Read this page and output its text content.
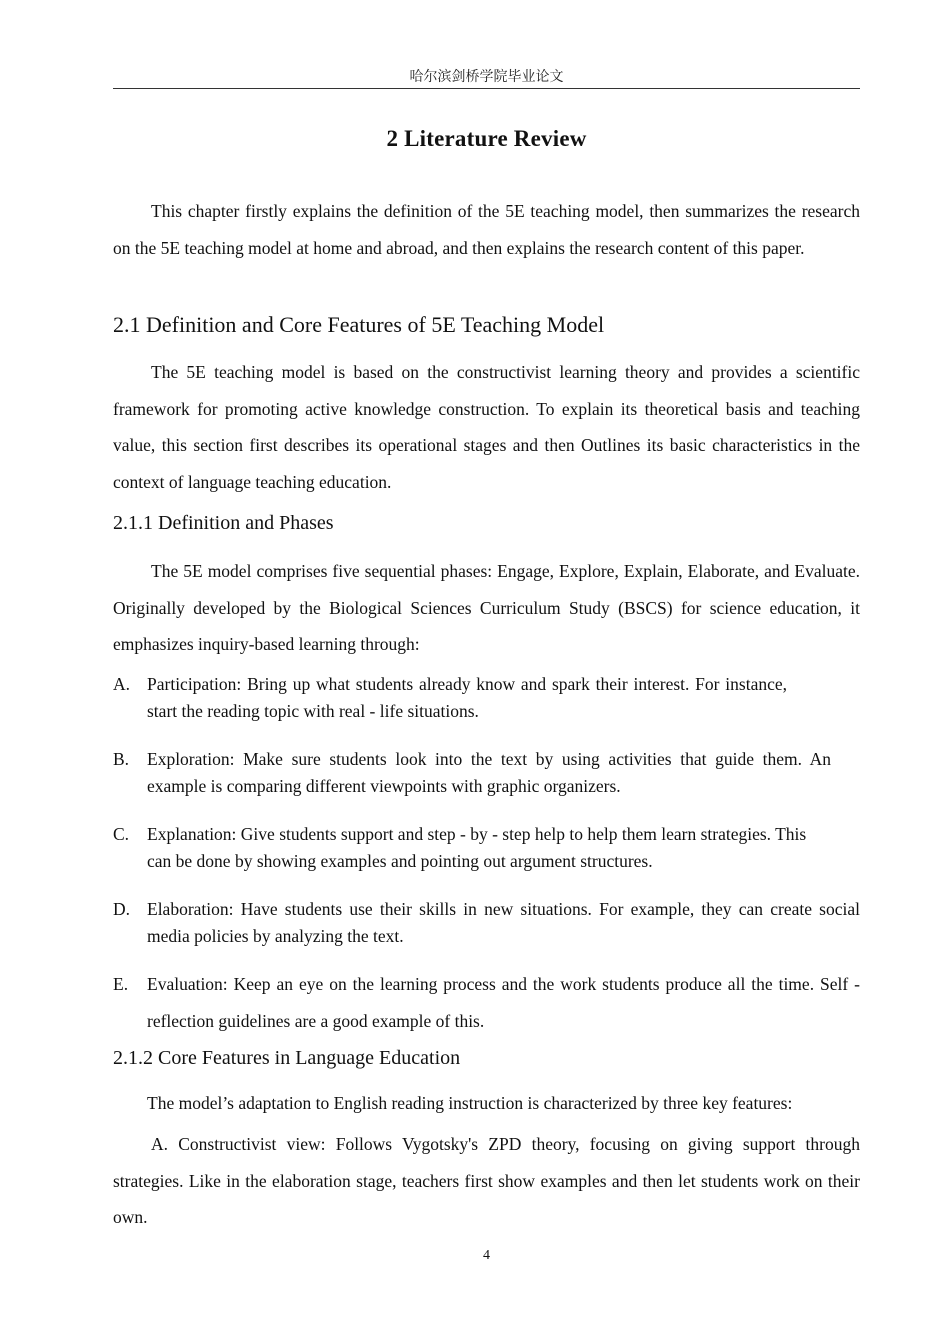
哈尔滨剑桥学院毕业论文
2 Literature Review

This chapter firstly explains the definition of the 5E teaching model, then summarizes the research on the 5E teaching model at home and abroad, and then explains the research content of this paper.

2.1 Definition and Core Features of 5E Teaching Model

The 5E teaching model is based on the constructivist learning theory and provides a scientific framework for promoting active knowledge construction. To explain its theoretical basis and teaching value, this section first describes its operational stages and then Outlines its basic characteristics in the context of language teaching education.

2.1.1 Definition and Phases

The 5E model comprises five sequential phases: Engage, Explore, Explain, Elaborate, and Evaluate. Originally developed by the Biological Sciences Curriculum Study (BSCS) for science education, it emphasizes inquiry-based learning through:

A. Participation: Bring up what students already know and spark their interest. For instance, start the reading topic with real - life situations.
B. Exploration: Make sure students look into the text by using activities that guide them. An example is comparing different viewpoints with graphic organizers.
C. Explanation: Give students support and step - by - step help to help them learn strategies. This can be done by showing examples and pointing out argument structures.
D. Elaboration: Have students use their skills in new situations. For example, they can create social media policies by analyzing the text.
E. Evaluation: Keep an eye on the learning process and the work students produce all the time. Self - reflection guidelines are a good example of this.
2.1.2 Core Features in Language Education

The model’s adaptation to English reading instruction is characterized by three key features:

A. Constructivist view: Follows Vygotsky's ZPD theory, focusing on giving support through strategies. Like in the elaboration stage, teachers first show examples and then let students work on their own.

4
